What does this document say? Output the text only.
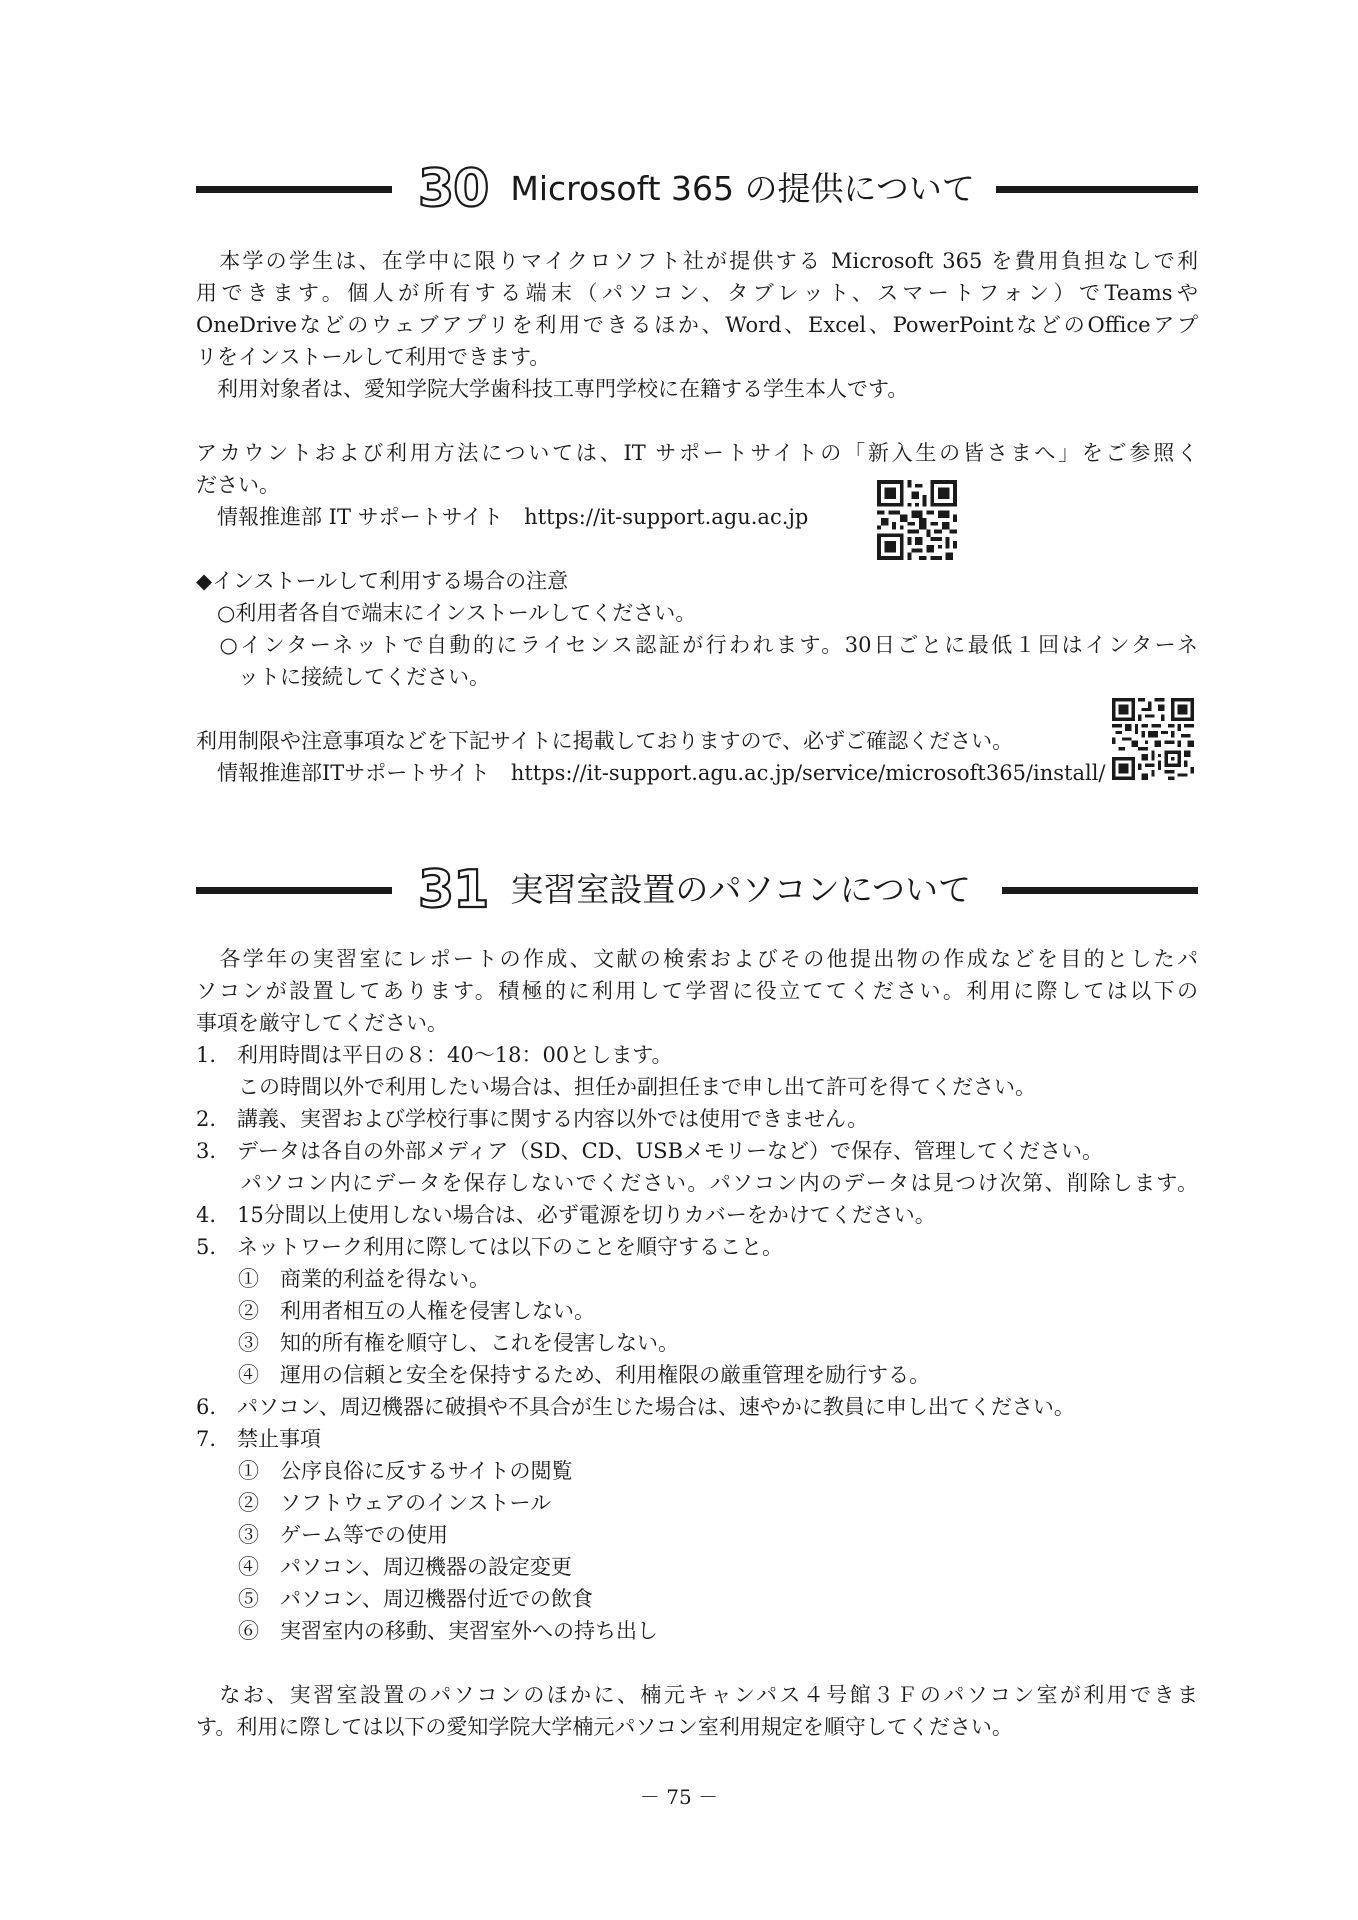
30 Microsoft 365 の提供について
　本学の学生は、在学中に限りマイクロソフト社が提供する Microsoft 365 を費用負担なしで利
用できます。個人が所有する端末（パソコン、タブレット、スマートフォン）でTeamsや
OneDriveなどのウェブアプリを利用できるほか、Word、Excel、PowerPointなどのOfficeアプ
リをインストールして利用できます。
　利用対象者は、愛知学院大学歯科技工専門学校に在籍する学生本人です。
アカウントおよび利用方法については、IT サポートサイトの「新入生の皆さまへ」をご参照く
ださい。
　情報推進部 IT サポートサイト　https://it-support.agu.ac.jp
◆インストールして利用する場合の注意
　○利用者各自で端末にインストールしてください。
　○インターネットで自動的にライセンス認証が行われます。30日ごとに最低１回はインターネ
　　ットに接続してください。
利用制限や注意事項などを下記サイトに掲載しておりますので、必ずご確認ください。
　情報推進部ITサポートサイト　https://it-support.agu.ac.jp/service/microsoft365/install/
31 実習室設置のパソコンについて
　各学年の実習室にレポートの作成、文献の検索およびその他提出物の作成などを目的としたパ
ソコンが設置してあります。積極的に利用して学習に役立ててください。利用に際しては以下の
事項を厳守してください。
1.　利用時間は平日の８：40～18：00とします。
　　この時間以外で利用したい場合は、担任か副担任まで申し出て許可を得てください。
2.　講義、実習および学校行事に関する内容以外では使用できません。
3.　データは各自の外部メディア（SD、CD、USBメモリーなど）で保存、管理してください。
　　パソコン内にデータを保存しないでください。パソコン内のデータは見つけ次第、削除します。
4.　15分間以上使用しない場合は、必ず電源を切りカバーをかけてください。
5.　ネットワーク利用に際しては以下のことを順守すること。
　　①　商業的利益を得ない。
　　②　利用者相互の人権を侵害しない。
　　③　知的所有権を順守し、これを侵害しない。
　　④　運用の信頼と安全を保持するため、利用権限の厳重管理を励行する。
6.　パソコン、周辺機器に破損や不具合が生じた場合は、速やかに教員に申し出てください。
7.　禁止事項
　　①　公序良俗に反するサイトの閲覧
　　②　ソフトウェアのインストール
　　③　ゲーム等での使用
　　④　パソコン、周辺機器の設定変更
　　⑤　パソコン、周辺機器付近での飲食
　　⑥　実習室内の移動、実習室外への持ち出し
　なお、実習室設置のパソコンのほかに、楠元キャンパス４号館３Ｆのパソコン室が利用できま
す。利用に際しては以下の愛知学院大学楠元パソコン室利用規定を順守してください。
－ 75 －
